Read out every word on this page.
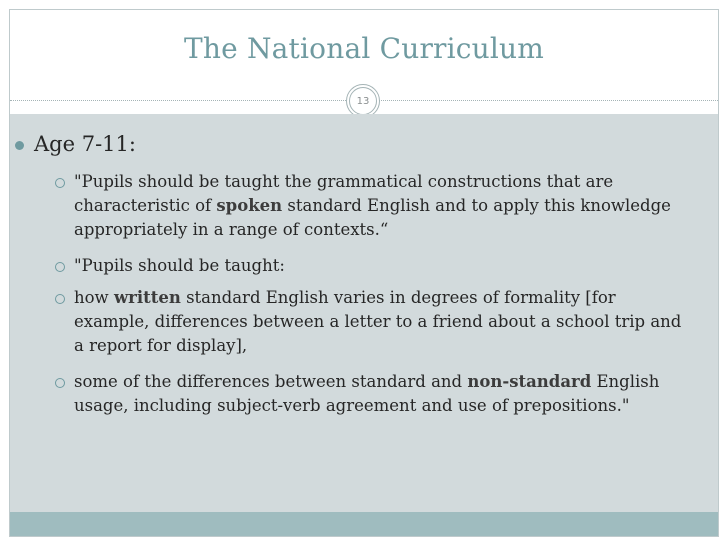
The National Curriculum
13
Age 7-11:
"Pupils should be taught the grammatical constructions that are characteristic of spoken standard English and to apply this knowledge appropriately in a range of contexts.“
"Pupils should be taught:
how written standard English varies in degrees of formality [for example, differences between a letter to a friend about a school trip and a report for display],
some of the differences between standard and non-standard English usage, including subject-verb agreement and use of prepositions."
